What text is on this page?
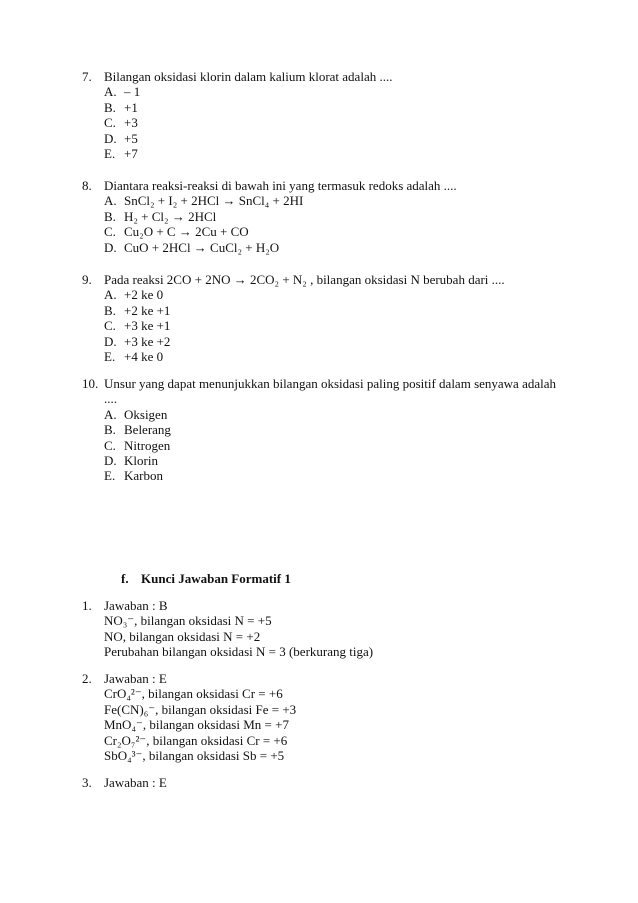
7. Bilangan oksidasi klorin dalam kalium klorat adalah ....
A. – 1
B. +1
C. +3
D. +5
E. +7
8. Diantara reaksi-reaksi di bawah ini yang termasuk redoks adalah ....
A. SnCl₂ + I₂ + 2HCl → SnCl₄ + 2HI
B. H₂ + Cl₂ → 2HCl
C. Cu₂O + C → 2Cu + CO
D. CuO + 2HCl → CuCl₂ + H₂O
9. Pada reaksi 2CO + 2NO → 2CO₂ + N₂ , bilangan oksidasi N berubah dari ....
A. +2 ke 0
B. +2 ke +1
C. +3 ke +1
D. +3 ke +2
E. +4 ke 0
10. Unsur yang dapat menunjukkan bilangan oksidasi paling positif dalam senyawa adalah
....
A. Oksigen
B. Belerang
C. Nitrogen
D. Klorin
E. Karbon
f. Kunci Jawaban Formatif 1
1. Jawaban : B
NO₃⁻, bilangan oksidasi N = +5
NO, bilangan oksidasi N = +2
Perubahan bilangan oksidasi N = 3 (berkurang tiga)
2. Jawaban : E
CrO₄²⁻, bilangan oksidasi Cr = +6
Fe(CN)₆⁻, bilangan oksidasi Fe = +3
MnO₄⁻, bilangan oksidasi Mn = +7
Cr₂O₇²⁻, bilangan oksidasi Cr = +6
SbO₄³⁻, bilangan oksidasi Sb = +5
3. Jawaban : E
